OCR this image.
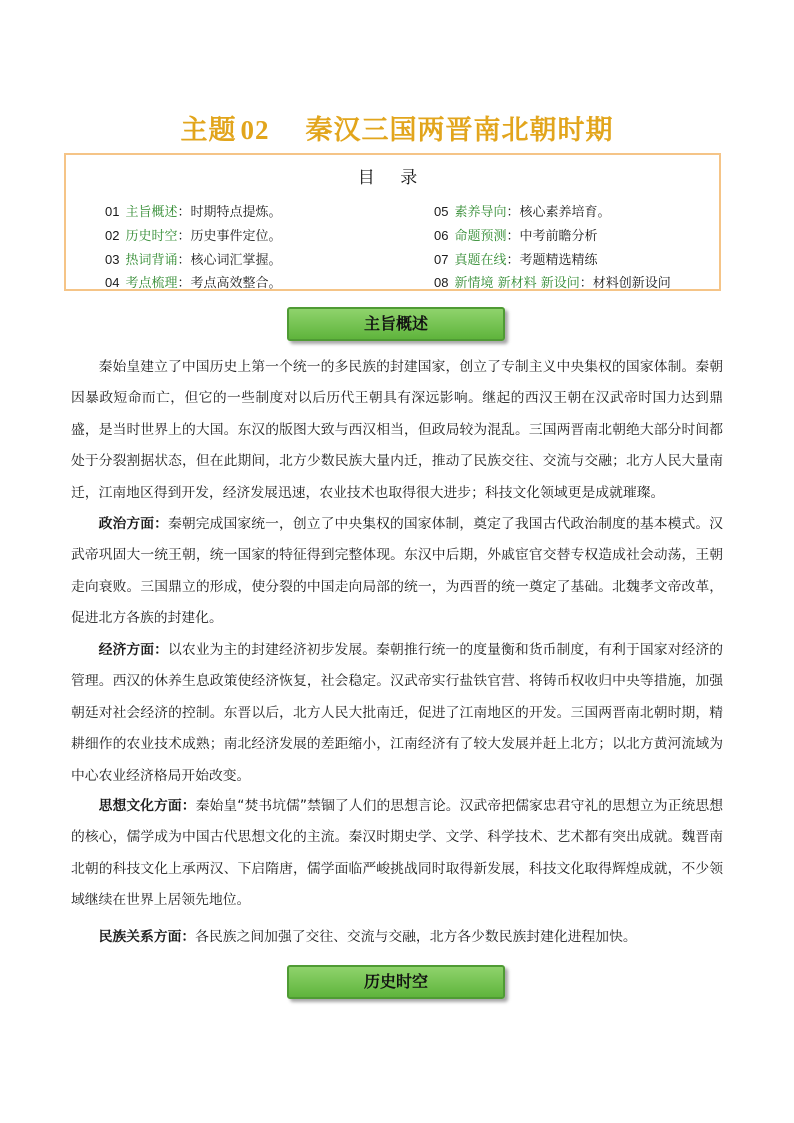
主题 02 秦汉三国两晋南北朝时期
目 录
01 主旨概述：时期特点提炼。
02 历史时空：历史事件定位。
03 热词背诵：核心词汇掌握。
04 考点梳理：考点高效整合。
05 素养导向：核心素养培育。
06 命题预测：中考前瞻分析
07 真题在线：考题精选精练
08 新情境 新材料 新设问：材料创新设问
主旨概述
秦始皇建立了中国历史上第一个统一的多民族的封建国家，创立了专制主义中央集权的国家体制。秦朝因暴政短命而亡，但它的一些制度对以后历代王朝具有深远影响。继起的西汉王朝在汉武帝时国力达到鼎盛，是当时世界上的大国。东汉的版图大致与西汉相当，但政局较为混乱。三国两晋南北朝绝大部分时间都处于分裂割据状态，但在此期间，北方少数民族大量内迁，推动了民族交往、交流与交融；北方人民大量南迁，江南地区得到开发，经济发展迅速，农业技术也取得很大进步；科技文化领域更是成就璀璨。
政治方面：秦朝完成国家统一，创立了中央集权的国家体制，奠定了我国古代政治制度的基本模式。汉武帝巩固大一统王朝，统一国家的特征得到完整体现。东汉中后期，外戚宦官交替专权造成社会动荡，王朝走向衰败。三国鼎立的形成，使分裂的中国走向局部的统一，为西晋的统一奠定了基础。北魏孝文帝改革，促进北方各族的封建化。
经济方面：以农业为主的封建经济初步发展。秦朝推行统一的度量衡和货币制度，有利于国家对经济的管理。西汉的休养生息政策使经济恢复，社会稳定。汉武帝实行盐铁官营、将铸币权收归中央等措施，加强朝廷对社会经济的控制。东晋以后，北方人民大批南迁，促进了江南地区的开发。三国两晋南北朝时期，精耕细作的农业技术成熟；南北经济发展的差距缩小，江南经济有了较大发展并赶上北方；以北方黄河流域为中心农业经济格局开始改变。
思想文化方面：秦始皇“焚书坑儒”禁锢了人们的思想言论。汉武帝把儒家忠君守礼的思想立为正统思想的核心，儒学成为中国古代思想文化的主流。秦汉时期史学、文学、科学技术、艺术都有突出成就。魏晋南北朝的科技文化上承两汉、下启隋唐，儒学面临严峻挑战同时取得新发展，科技文化取得辉煌成就，不少领域继续在世界上居领先地位。
民族关系方面：各民族之间加强了交往、交流与交融，北方各少数民族封建化进程加快。
历史时空
